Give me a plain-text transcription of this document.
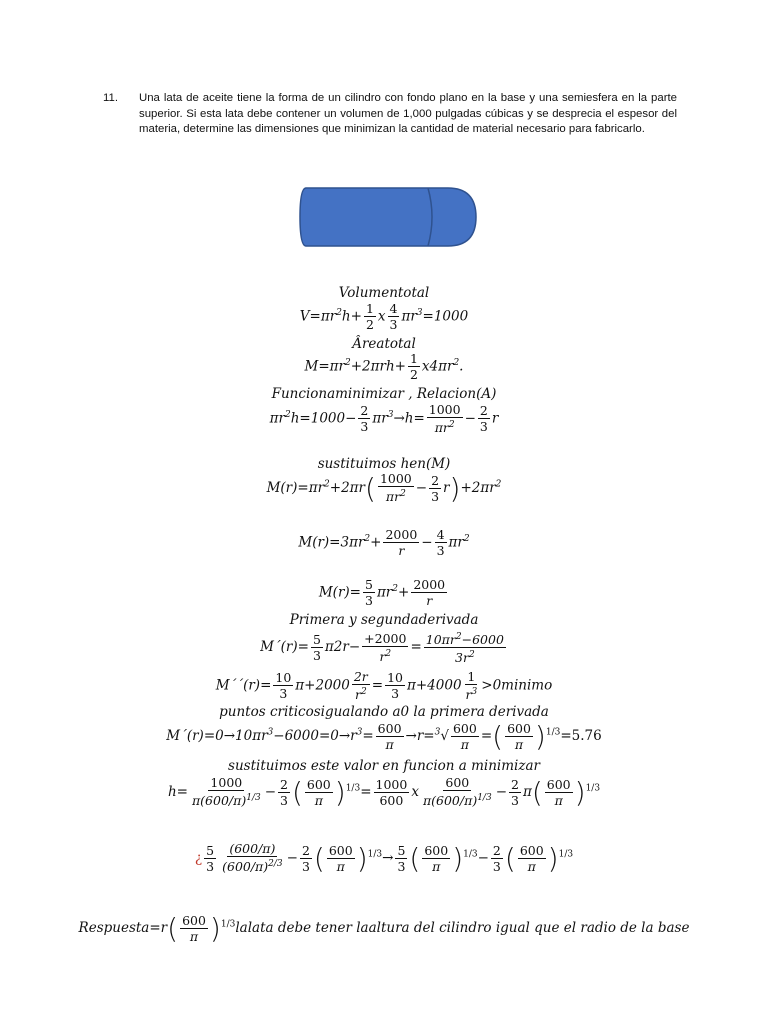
11. Una lata de aceite tiene la forma de un cilindro con fondo plano en la base y una semiesfera en la parte superior. Si esta lata debe contener un volumen de 1,000 pulgadas cúbicas y se desprecia el espesor del materia, determine las dimensiones que minimizan la cantidad de material necesario para fabricarlo.
Volumentotal
$V=\pi r^2h+ \frac{1}{2}$ x $\frac{4}{3} \pi r^3=1000$
Âreatotal
$M=\pi r^2+2\pi rh+ \frac{1}{2} x4\pi r^2$.
Funcionaminimizar , Relacion(A)
$\pi r^2h=1000- \frac{2}{3} \pi r^3\to h= \frac{1000}{\pi r^2} - \frac{2}{3}$ r
sustituimos hen(M)
$M(r)=\pi r^2+2\pi r( \frac{1000}{\pi r^2} - \frac{2}{3} r)+2\pi r^2$
$M(r)=3\pi r^2+ \frac{2000}{r} - \frac{4}{3} \pi r^2$
$M(r)= \frac{5}{3} \pi r^2+ \frac{2000}{r}$
Primera y segundaderivada
M´(r)= $\frac{5}{3} \pi 2r- \frac{+2000}{r^2} = \frac{10\pi r^2-6000}{3r^2}$
M´´(r)= $\frac{10}{3} \pi+2000 \frac{2r}{r^2} = \frac{10}{3} \pi+4000 \frac{1}{r^3}$ >0minimo
puntos criticosigualando a0 la primera derivada
$M´(r)=0\to 10\pi r^3-6000=0\to r^3= \frac{600}{\pi} \to r=^3√ \frac{600}{\pi}$ =( $\frac{600}{\pi} )^{1/3}=5.76$
sustituimos este valor en funcion a minimizar
$h= \frac{1000}{\pi(600/\pi)^{1/3}} - \frac{2}{3}$ ( $\frac{600}{\pi} )^{1/3}= \frac{1000}{600}$ x $\frac{600}{\pi(600/\pi)^{1/3}} - \frac{2}{3} \pi( \frac{600}{\pi} )^{1/3}$
¿ $\frac{5}{3} \frac{(600/\pi)}{(600/\pi)^{2/3}} - \frac{2}{3}$ ( $\frac{600}{\pi} )^{1/3}\to \frac{5}{3}$ ( $\frac{600}{\pi} )^{1/3}- \frac{2}{3}$ ( $\frac{600}{\pi} )^{1/3}$
Respuesta=r( $\frac{600}{\pi}$ )$^{1/3}$lalata debe tener laaltura del cilindro igual que el radio de la base
